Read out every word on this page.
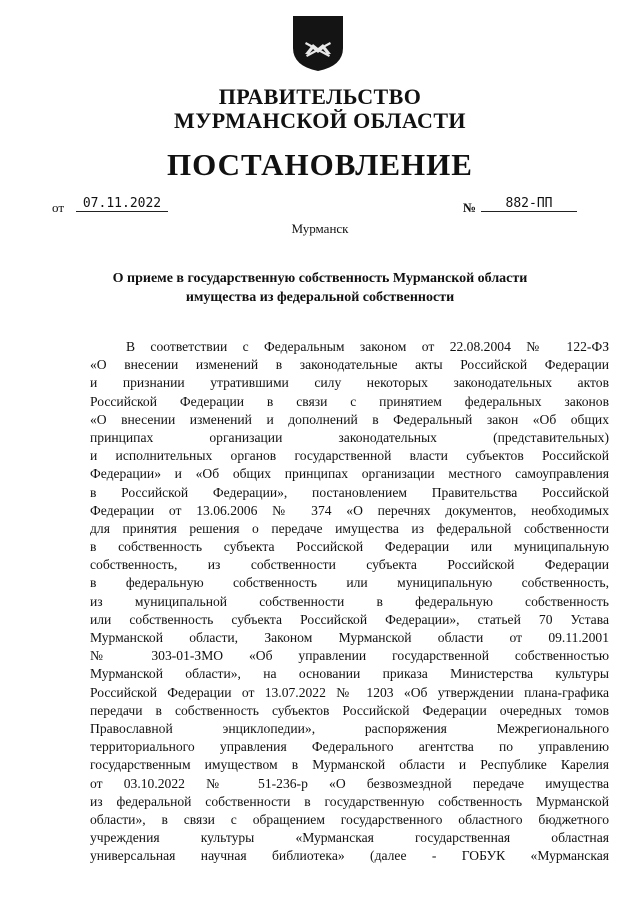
ПРАВИТЕЛЬСТВО
МУРМАНСКОЙ ОБЛАСТИ
ПОСТАНОВЛЕНИЕ
от	07.11.2022	№	882-ПП
Мурманск
О приеме в государственную собственность Мурманской области
имущества из федеральной собственности
В соответствии с Федеральным законом от 22.08.2004 № 122-ФЗ
«О внесении изменений в законодательные акты Российской Федерации
и признании утратившими силу некоторых законодательных актов
Российской Федерации в связи с принятием федеральных законов
«О внесении изменений и дополнений в Федеральный закон «Об общих
принципах организации законодательных (представительных)
и исполнительных органов государственной власти субъектов Российской
Федерации» и «Об общих принципах организации местного самоуправления
в Российской Федерации», постановлением Правительства Российской
Федерации от 13.06.2006 № 374 «О перечнях документов, необходимых
для принятия решения о передаче имущества из федеральной собственности
в собственность субъекта Российской Федерации или муниципальную
собственность, из собственности субъекта Российской Федерации
в федеральную собственность или муниципальную собственность,
из муниципальной собственности в федеральную собственность
или собственность субъекта Российской Федерации», статьей 70 Устава
Мурманской области, Законом Мурманской области от 09.11.2001
№ 303-01-ЗМО «Об управлении государственной собственностью
Мурманской области», на основании приказа Министерства культуры
Российской Федерации от 13.07.2022 № 1203 «Об утверждении плана-графика
передачи в собственность субъектов Российской Федерации очередных томов
Православной энциклопедии», распоряжения Межрегионального
территориального управления Федерального агентства по управлению
государственным имуществом в Мурманской области и Республике Карелия
от 03.10.2022 № 51-236-р «О безвозмездной передаче имущества
из федеральной собственности в государственную собственность Мурманской
области», в связи с обращением государственного областного бюджетного
учреждения культуры «Мурманская государственная областная
универсальная научная библиотека» (далее - ГОБУК «Мурманская
